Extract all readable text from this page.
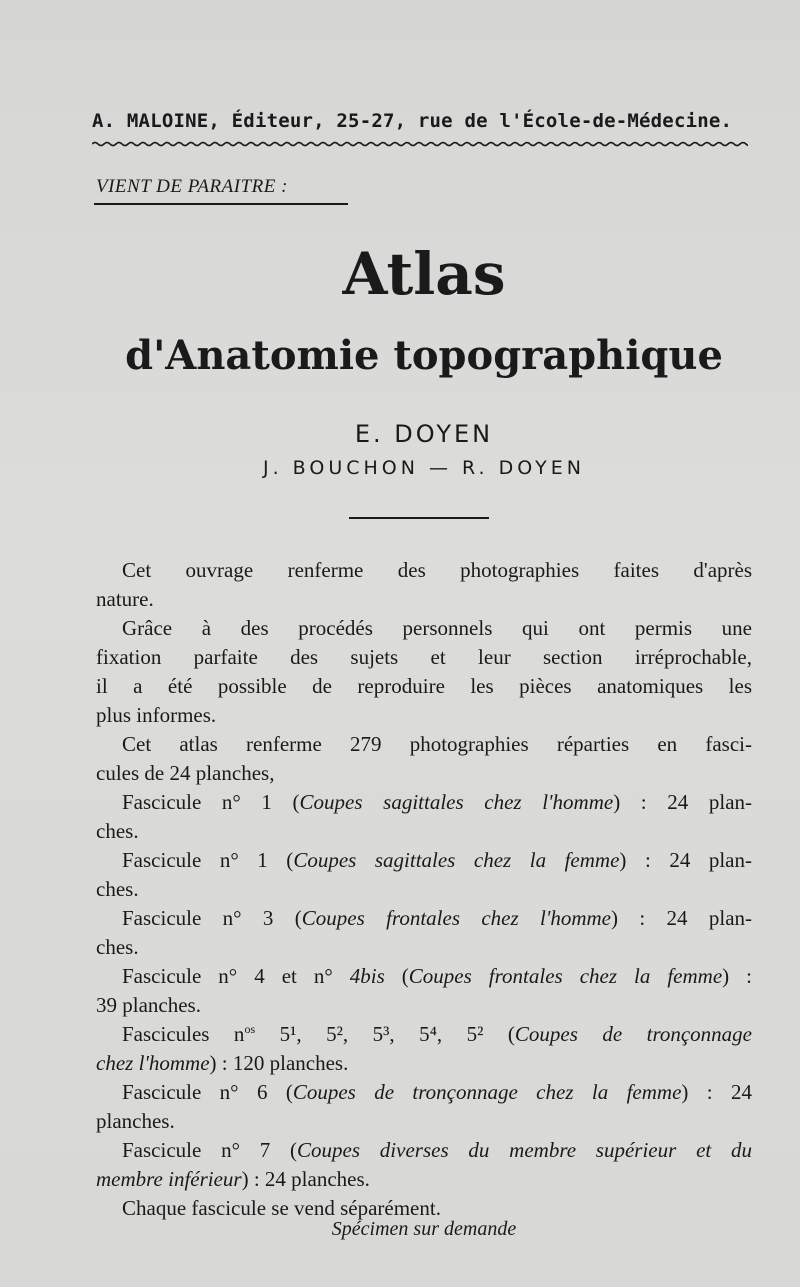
A. MALOINE, Éditeur, 25-27, rue de l'École-de-Médecine.
VIENT DE PARAITRE :
Atlas
d'Anatomie topographique
E. DOYEN
J. BOUCHON — R. DOYEN
Cet ouvrage renferme des photographies faites d'après
nature.
Grâce à des procédés personnels qui ont permis une
fixation parfaite des sujets et leur section irréprochable,
il a été possible de reproduire les pièces anatomiques les
plus informes.
Cet atlas renferme 279 photographies réparties en fasci-
cules de 24 planches,
Fascicule n° 1 (Coupes sagittales chez l'homme) : 24 plan-
ches.
Fascicule n° 1 (Coupes sagittales chez la femme) : 24 plan-
ches.
Fascicule n° 3 (Coupes frontales chez l'homme) : 24 plan-
ches.
Fascicule n° 4 et n° 4bis (Coupes frontales chez la femme) :
39 planches.
Fascicules $n^{os}$ 5¹, 5², 5³, 5⁴, 5² (Coupes de tronçonnage
chez l'homme) : 120 planches.
Fascicule n° 6 (Coupes de tronçonnage chez la femme) : 24
planches.
Fascicule n° 7 (Coupes diverses du membre supérieur et du
membre inférieur) : 24 planches.
Chaque fascicule se vend séparément.
Spécimen sur demande
